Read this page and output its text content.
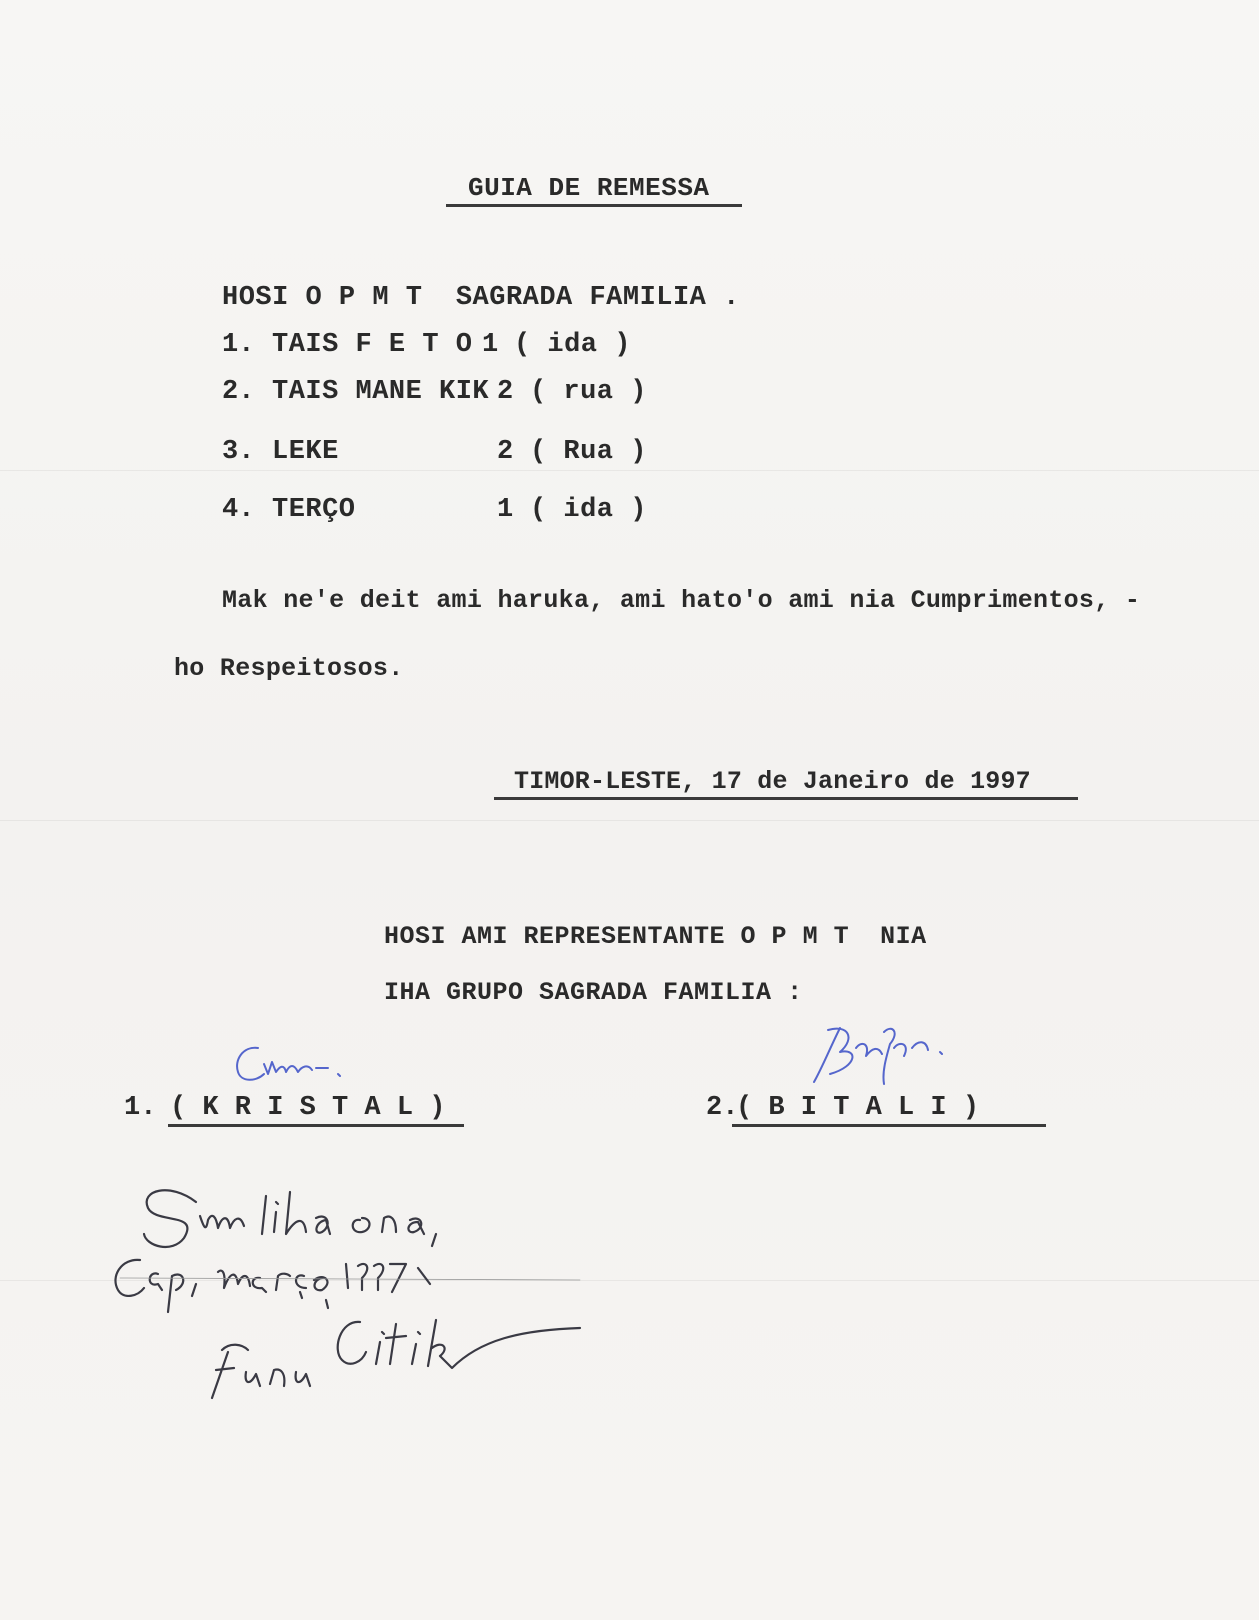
GUIA DE REMESSA
HOSI O P M T  SAGRADA FAMILIA .
1. TAIS F E T O 1 ( ida )
2. TAIS MANE KIK 2 ( rua )
3. LEKE	2 ( Rua )
4. TERÇO	1 ( ida )
Mak ne'e deit ami haruka, ami hato'o ami nia Cumprimentos, -
ho Respeitosos.
TIMOR-LESTE, 17 de Janeiro de 1997
HOSI AMI REPRESENTANTE O P M T  NIA
IHA GRUPO SAGRADA FAMILIA :
1. ( K R I S T A L )	2.
( B I T A L I )
